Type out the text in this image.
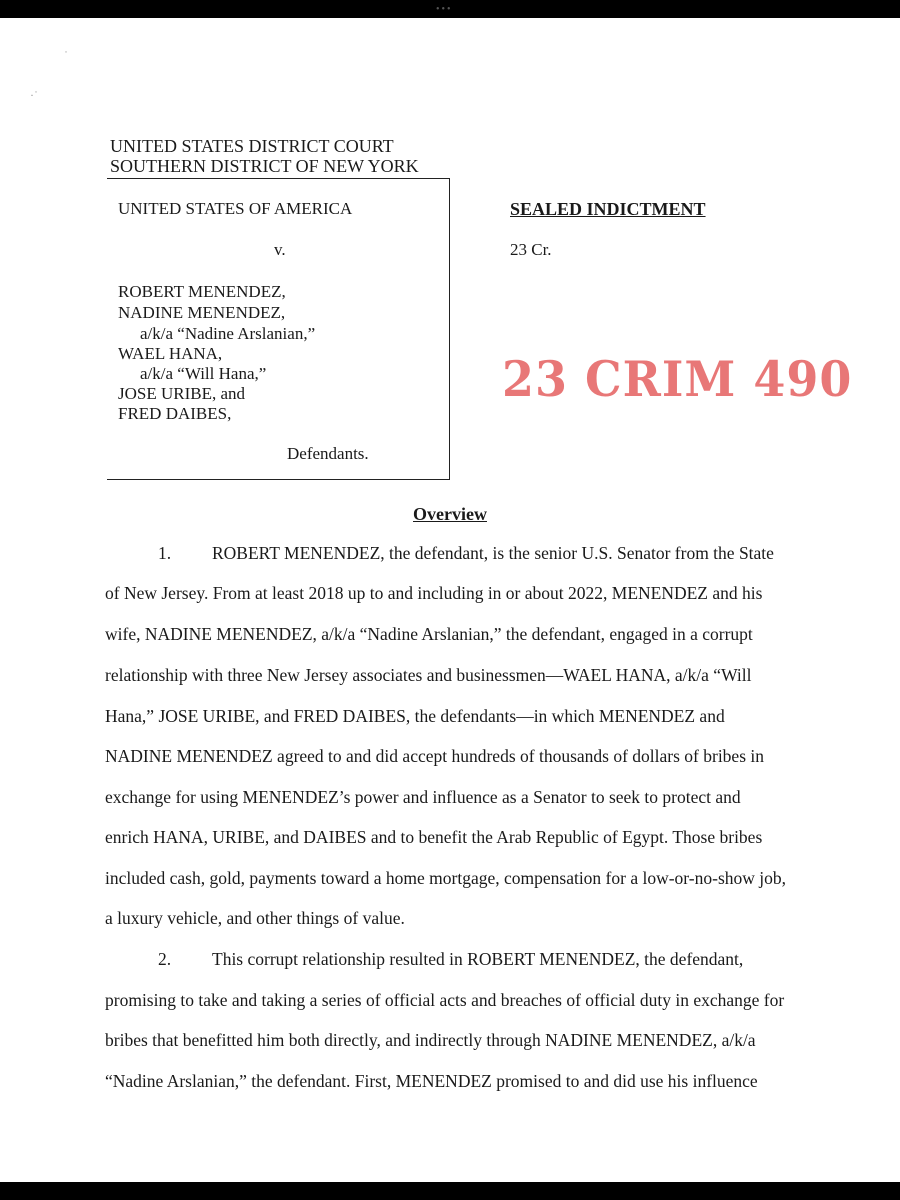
•••
˙
·˙
UNITED STATES DISTRICT COURT
SOUTHERN DISTRICT OF NEW YORK
UNITED STATES OF AMERICA
v.
ROBERT MENENDEZ,
NADINE MENENDEZ,
a/k/a “Nadine Arslanian,”
WAEL HANA,
a/k/a “Will Hana,”
JOSE URIBE, and
FRED DAIBES,
Defendants.
SEALED INDICTMENT
23 Cr.
23 CRIM 490
Overview
1. ROBERT MENENDEZ, the defendant, is the senior U.S. Senator from the State
of New Jersey. From at least 2018 up to and including in or about 2022, MENENDEZ and his
wife, NADINE MENENDEZ, a/k/a “Nadine Arslanian,” the defendant, engaged in a corrupt
relationship with three New Jersey associates and businessmen—WAEL HANA, a/k/a “Will
Hana,” JOSE URIBE, and FRED DAIBES, the defendants—in which MENENDEZ and
NADINE MENENDEZ agreed to and did accept hundreds of thousands of dollars of bribes in
exchange for using MENENDEZ’s power and influence as a Senator to seek to protect and
enrich HANA, URIBE, and DAIBES and to benefit the Arab Republic of Egypt. Those bribes
included cash, gold, payments toward a home mortgage, compensation for a low-or-no-show job,
a luxury vehicle, and other things of value.
2. This corrupt relationship resulted in ROBERT MENENDEZ, the defendant,
promising to take and taking a series of official acts and breaches of official duty in exchange for
bribes that benefitted him both directly, and indirectly through NADINE MENENDEZ, a/k/a
“Nadine Arslanian,” the defendant. First, MENENDEZ promised to and did use his influence
